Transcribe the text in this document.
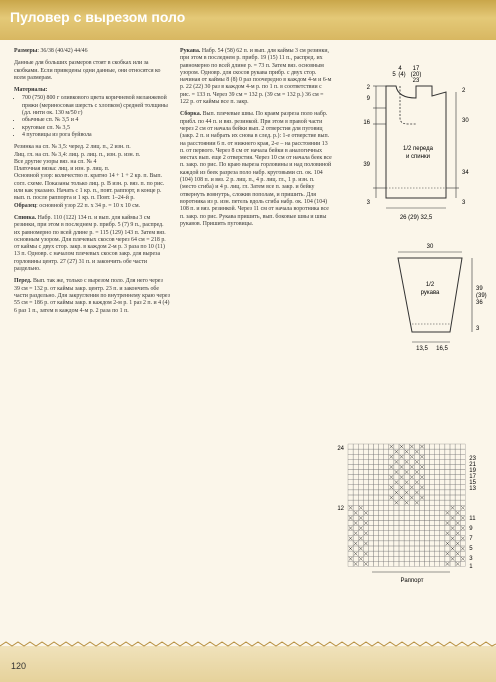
Пуловер с вырезом поло

Размеры: 36/38 (40/42) 44/46

Данные для больших размеров стоят в скобках или за скобками. Если приведены одни данные, они относятся ко всем размерам.

Материалы:

• 700 (750) 800 г оливкового цвета коричневой меланжевой пряжи (мериносовая шерсть с хлопком) средней толщины (дл. нити ок. 130 м/50 г)
• обычные сп. № 3,5 и 4
• круговые сп. № 3,5
• 4 пуговицы из рога буйвола

Резинка на сп. № 3,5: черед. 2 лиц. п., 2 изн. п.

Лиц. гл. на сп. № 3,4: лиц. р. лиц. п., изн. р. изн. п.

Все другие узоры вяз. на сп. № 4

Платочная вязка: лиц. и изн. р. лиц. п.

Основной узор: количество п. кратно 14 + 1 + 2 кр. п. Вып. согл. схеме. Показаны только лиц. р. В изн. р. вяз. п. по рис. или как указано. Начать с 1 кр. п., повт. раппорт, в конце р. вып. п. после раппорта и 1 кр. п. Повт. 1–24-й р.

Образец: основной узор 22 п. x 34 р. = 10 x 10 см.

Спинка. Набр. 110 (122) 134 п. и вып. для каймы 3 см резинки, при этом в последнем р. прибр. 5 (7) 9 п., распред. их равномерно по всей длине р. = 115 (129) 143 п. Затем вяз. основным узором. Для плечевых скосов через 64 см = 218 р. от каймы с двух стор. закр. в каждом 2-м р. 3 раза по 10 (11) 13 п. Одновр. с началом плечевых скосов закр. для выреза горловины центр. 27 (27) 31 п. и закончить обе части раздельно.

Перед. Вып. так же, только с вырезом поло. Для него через 39 см = 132 р. от каймы закр. центр. 23 п. и закончить обе части раздельно. Для закругления по внутреннему краю через 55 см = 186 р. от каймы закр. в каждом 2-м р. 1 раз 2 п. и 4 (4) 6 раз 1 п., затем в каждом 4-м р. 2 раза по 1 п.

Рукава. Набр. 54 (58) 62 п. и вып. для каймы 3 см резинки, при этом в последнем р. прибр. 19 (15) 11 п., распред. их равномерно по всей длине р. = 73 п. Затем вяз. основным узором. Одновр. для скосов рукава прибр. с двух стор. начиная от каймы 8 (8) 0 раз поочередно в каждом 4-м и 6-м р. 22 (22) 30 раз в каждом 4-м р. по 1 п. в соответствии с рис. = 133 п. Через 39 см = 132 р. (39 см = 132 р.) 36 см = 122 р. от каймы все п. закр.

Сборка. Вып. плечевые швы. По краям разреза поло набр. прибл. по 44 п. и вяз. резинкой. При этом в правой части через 2 см от начала бейки вып. 2 отверстия для пуговиц (закр. 2 п. и набрать их снова в след. р.): 1-е отверстие вып. на расстоянии 6 п. от нижнего края, 2-е – на расстоянии 13 п. от первого. Через 8 см от начала бейки в аналогичных местах вып. еще 2 отверстия. Через 10 см от начала беек все п. закр. по рис. По краю выреза горловины и над половиной каждой из беек разреза поло набр. круговыми сп. ок. 104 (104) 108 п. и вяз. 2 р. лиц. п., 4 р. лиц. гл., 1 р. изн. п. (место сгиба) и 4 р. лиц. гл. Затем все п. закр. и бейку отвернуть вовнутрь, сложив пополам, и пришить. Для воротника из р. изн. петель вдоль сгиба набр. ок. 104 (104) 108 п. и вяз. резинкой. Через 11 см от начала воротника все п. закр. по рис. Рукава пришить, вып. боковые швы и швы рукавов. Пришить пуговицы.

4 17
(20)
23
5 (4)
2
9
16
39
3
2
30
34
3
1/2 переда
и спинки
26 (29) 32,5
30
1/2
рукава
39
(39)
36
3
13,5 16,5
24
12
23
21
19
17
15
13
11
9
7
5
3
1
Раппорт
120
